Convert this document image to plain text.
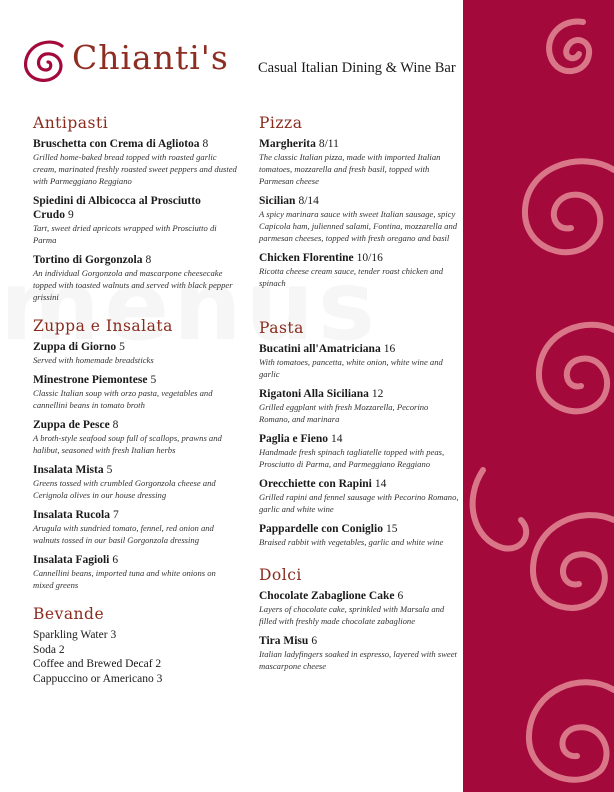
Chianti's Casual Italian Dining & Wine Bar
Antipasti
Bruschetta con Crema di Agliotoa 8
Grilled home-baked bread topped with roasted garlic cream, marinated freshly roasted sweet peppers and dusted with Parmeggiano Reggiano
Spiedini di Albicocca al Prosciutto Crudo 9
Tart, sweet dried apricots wrapped with Prosciutto di Parma
Tortino di Gorgonzola 8
An individual Gorgonzola and mascarpone cheesecake topped with toasted walnuts and served with black pepper grissini
Zuppa e Insalata
Zuppa di Giorno 5
Served with homemade breadsticks
Minestrone Piemontese 5
Classic Italian soup with orzo pasta, vegetables and cannellini beans in tomato broth
Zuppa de Pesce 8
A broth-style seafood soup full of scallops, prawns and halibut, seasoned with fresh Italian herbs
Insalata Mista 5
Greens tossed with crumbled Gorgonzola cheese and Cerignola olives in our house dressing
Insalata Rucola 7
Arugula with sundried tomato, fennel, red onion and walnuts tossed in our basil Gorgonzola dressing
Insalata Fagioli 6
Cannellini beans, imported tuna and white onions on mixed greens
Bevande
Sparkling Water 3
Soda 2
Coffee and Brewed Decaf 2
Cappuccino or Americano 3
Pizza
Margherita 8/11
The classic Italian pizza, made with imported Italian tomatoes, mozzarella and fresh basil, topped with Parmesan cheese
Sicilian 8/14
A spicy marinara sauce with sweet Italian sausage, spicy Capicola ham, julienned salami, Fontina, mozzarella and parmesan cheeses, topped with fresh oregano and basil
Chicken Florentine 10/16
Ricotta cheese cream sauce, tender roast chicken and spinach
Pasta
Bucatini all'Amatriciana 16
With tomatoes, pancetta, white onion, white wine and garlic
Rigatoni Alla Siciliana 12
Grilled eggplant with fresh Mozzarella, Pecorino Romano, and marinara
Paglia e Fieno 14
Handmade fresh spinach tagliatelle topped with peas, Prosciutto di Parma, and Parmeggiano Reggiano
Orecchiette con Rapini 14
Grilled rapini and fennel sausage with Pecorino Romano, garlic and white wine
Pappardelle con Coniglio 15
Braised rabbit with vegetables, garlic and white wine
Dolci
Chocolate Zabaglione Cake 6
Layers of chocolate cake, sprinkled with Marsala and filled with freshly made chocolate zabaglione
Tira Misu 6
Italian ladyfingers soaked in espresso, layered with sweet mascarpone cheese
